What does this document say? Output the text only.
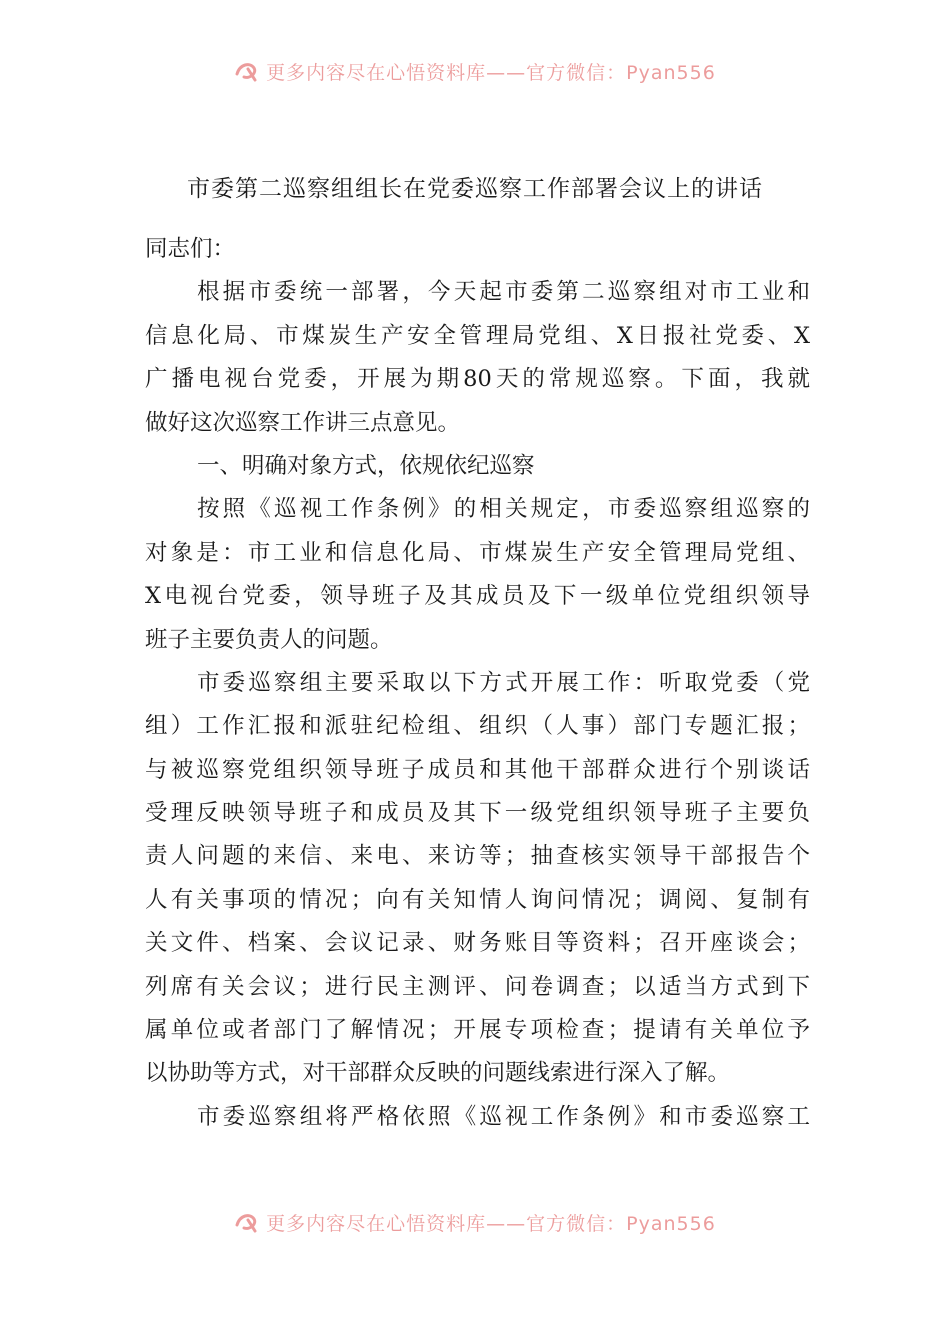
更多内容尽在心悟资料库——官方微信：Pyan556
市委第二巡察组组长在党委巡察工作部署会议上的讲话
同志们：
根据市委统一部署，今天起市委第二巡察组对市工业和
信息化局、市煤炭生产安全管理局党组、X日报社党委、X
广播电视台党委，开展为期80天的常规巡察。下面，我就
做好这次巡察工作讲三点意见。
一、明确对象方式，依规依纪巡察
按照《巡视工作条例》的相关规定，市委巡察组巡察的
对象是：市工业和信息化局、市煤炭生产安全管理局党组、
X电视台党委，领导班子及其成员及下一级单位党组织领导
班子主要负责人的问题。
市委巡察组主要采取以下方式开展工作：听取党委（党
组）工作汇报和派驻纪检组、组织（人事）部门专题汇报；
与被巡察党组织领导班子成员和其他干部群众进行个别谈话
受理反映领导班子和成员及其下一级党组织领导班子主要负
责人问题的来信、来电、来访等；抽查核实领导干部报告个
人有关事项的情况；向有关知情人询问情况；调阅、复制有
关文件、档案、会议记录、财务账目等资料；召开座谈会；
列席有关会议；进行民主测评、问卷调查；以适当方式到下
属单位或者部门了解情况；开展专项检查；提请有关单位予
以协助等方式，对干部群众反映的问题线索进行深入了解。
市委巡察组将严格依照《巡视工作条例》和市委巡察工
更多内容尽在心悟资料库——官方微信：Pyan556
